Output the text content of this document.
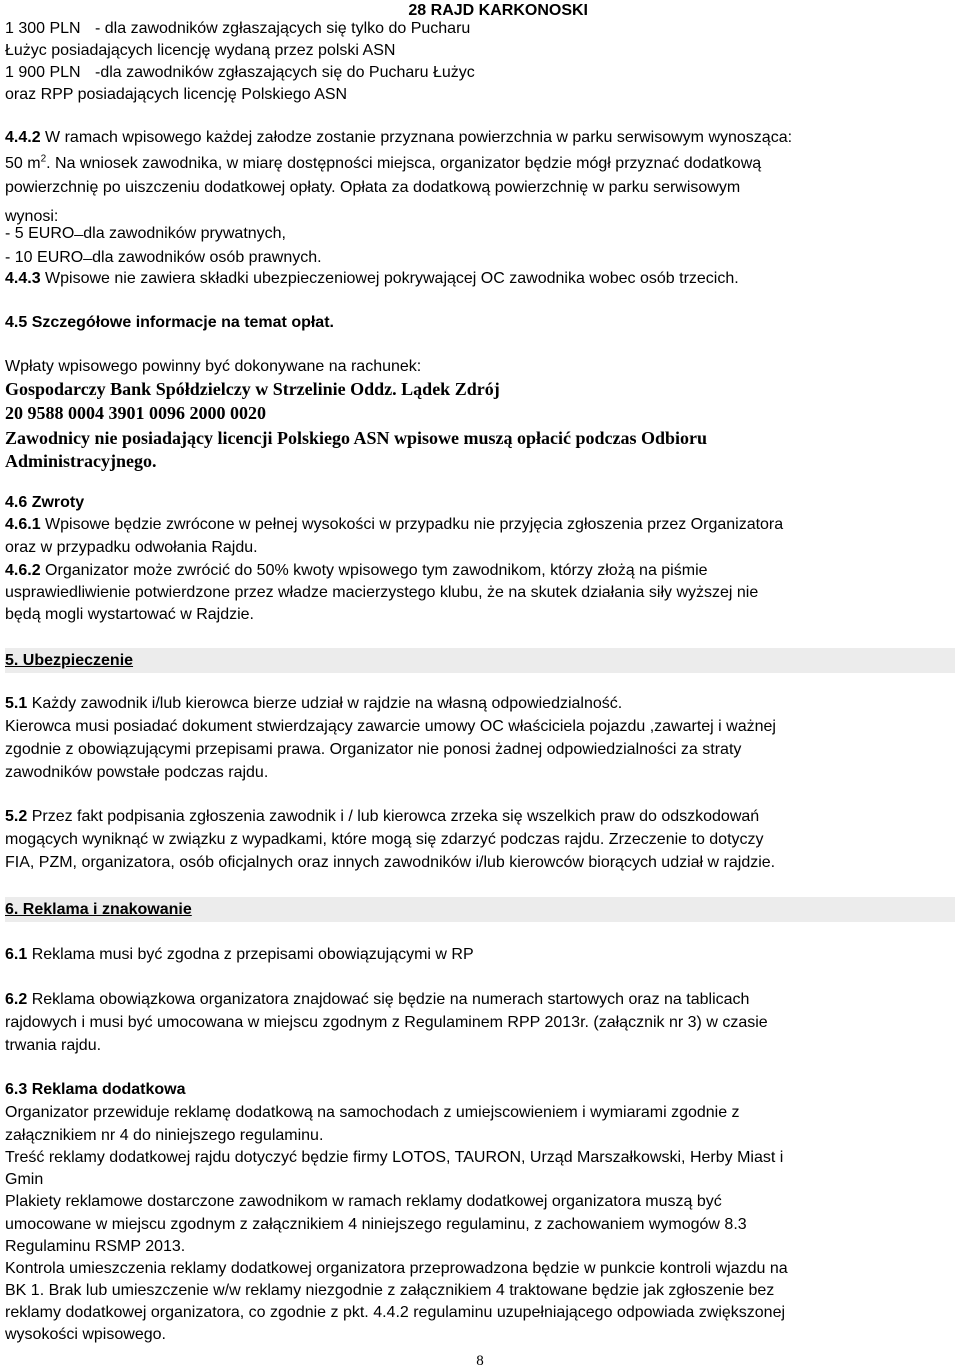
28 RAJD KARKONOSKI
1 300 PLN - dla zawodników zgłaszających się tylko do Pucharu
Łużyc posiadających licencję wydaną przez polski ASN
1 900 PLN -dla zawodników zgłaszających się do Pucharu Łużyc
oraz RPP posiadających licencję Polskiego ASN
4.4.2 W ramach wpisowego każdej załodze zostanie przyznana powierzchnia w parku serwisowym wynosząca:
50 $m^2$. Na wniosek zawodnika, w miarę dostępności miejsca, organizator będzie mógł przyznać dodatkową
powierzchnię po uiszczeniu dodatkowej opłaty. Opłata za dodatkową powierzchnię w parku serwisowym
wynosi:
- 5 EURO ̶ dla zawodników prywatnych,
- 10 EURO ̶ dla zawodników osób prawnych.
4.4.3 Wpisowe nie zawiera składki ubezpieczeniowej pokrywającej OC zawodnika wobec osób trzecich.
4.5 Szczegółowe informacje na temat opłat.
Wpłaty wpisowego powinny być dokonywane na rachunek:
Gospodarczy Bank Spółdzielczy w Strzelinie Oddz. Lądek Zdrój
20 9588 0004 3901 0096 2000 0020
Zawodnicy nie posiadający licencji Polskiego ASN wpisowe muszą opłacić podczas Odbioru
Administracyjnego.
4.6 Zwroty
4.6.1 Wpisowe będzie zwrócone w pełnej wysokości w przypadku nie przyjęcia zgłoszenia przez Organizatora
oraz w przypadku odwołania Rajdu.
4.6.2 Organizator może zwrócić do 50% kwoty wpisowego tym zawodnikom, którzy złożą na piśmie
usprawiedliwienie potwierdzone przez władze macierzystego klubu, że na skutek działania siły wyższej nie
będą mogli wystartować w Rajdzie.
5. Ubezpieczenie
5.1 Każdy zawodnik i/lub kierowca bierze udział w rajdzie na własną odpowiedzialność.
Kierowca musi posiadać dokument stwierdzający zawarcie umowy OC właściciela pojazdu ,zawartej i ważnej
zgodnie z obowiązującymi przepisami prawa. Organizator nie ponosi żadnej odpowiedzialności za straty
zawodników powstałe podczas rajdu.
5.2 Przez fakt podpisania zgłoszenia zawodnik i / lub kierowca zrzeka się wszelkich praw do odszkodowań
mogących wyniknąć w związku z wypadkami, które mogą się zdarzyć podczas rajdu. Zrzeczenie to dotyczy
FIA, PZM, organizatora, osób oficjalnych oraz innych zawodników i/lub kierowców biorących udział w rajdzie.
6. Reklama i znakowanie
6.1 Reklama musi być zgodna z przepisami obowiązującymi w RP
6.2 Reklama obowiązkowa organizatora znajdować się będzie na numerach startowych oraz na tablicach
rajdowych i musi być umocowana w miejscu zgodnym z Regulaminem RPP 2013r. (załącznik nr 3) w czasie
trwania rajdu.
6.3 Reklama dodatkowa
Organizator przewiduje reklamę dodatkową na samochodach z umiejscowieniem i wymiarami zgodnie z
załącznikiem nr 4 do niniejszego regulaminu.
Treść reklamy dodatkowej rajdu dotyczyć będzie firmy LOTOS, TAURON, Urząd Marszałkowski, Herby Miast i
Gmin
Plakiety reklamowe dostarczone zawodnikom w ramach reklamy dodatkowej organizatora muszą być
umocowane w miejscu zgodnym z załącznikiem 4 niniejszego regulaminu, z zachowaniem wymogów 8.3
Regulaminu RSMP 2013.
Kontrola umieszczenia reklamy dodatkowej organizatora przeprowadzona będzie w punkcie kontroli wjazdu na
BK 1. Brak lub umieszczenie w/w reklamy niezgodnie z załącznikiem 4 traktowane będzie jak zgłoszenie bez
reklamy dodatkowej organizatora, co zgodnie z pkt. 4.4.2 regulaminu uzupełniającego odpowiada zwiększonej
wysokości wpisowego.
8
